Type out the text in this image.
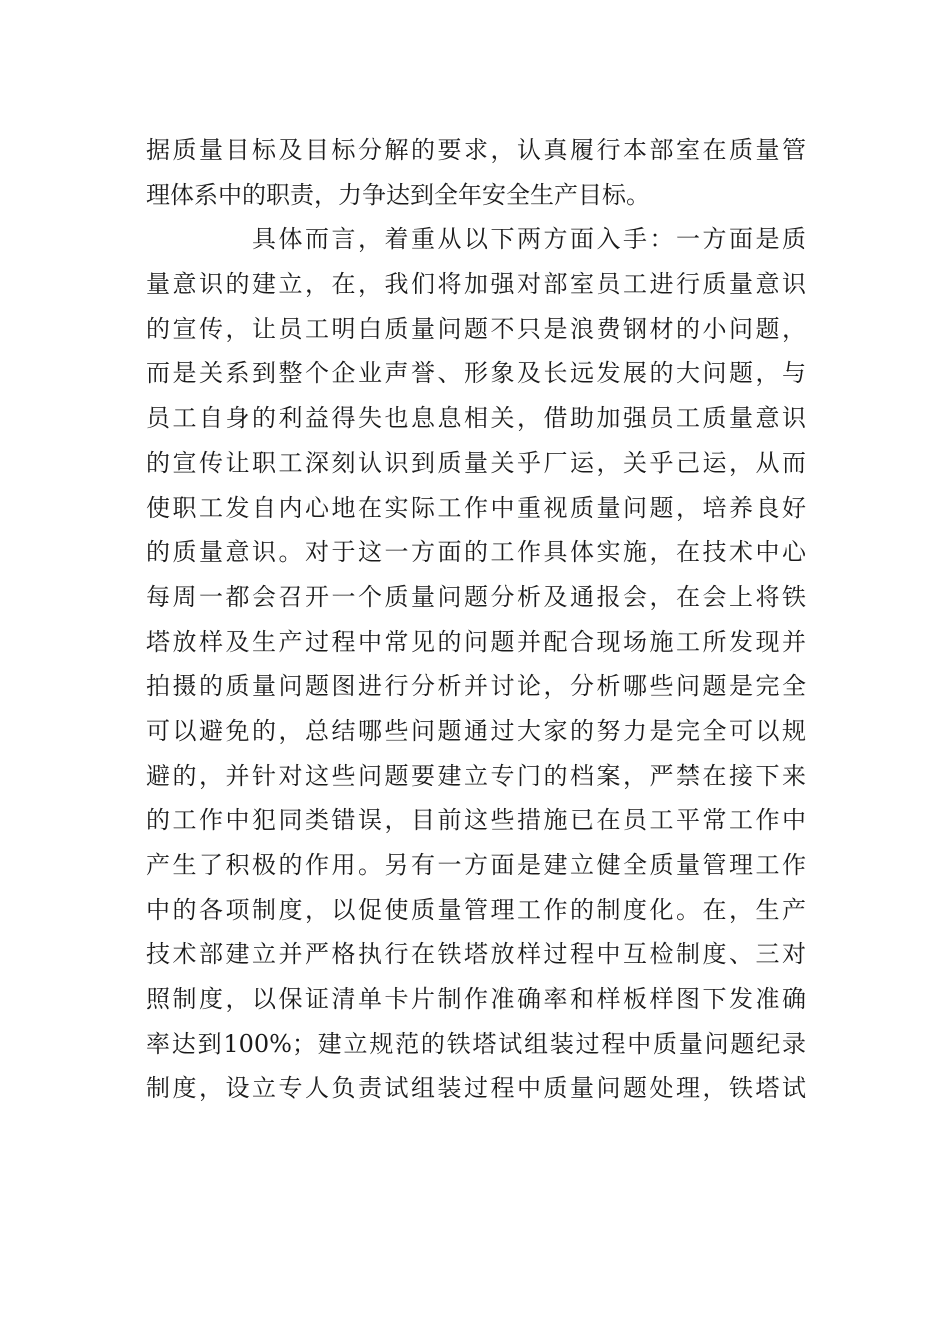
据质量目标及目标分解的要求，认真履行本部室在质量管
理体系中的职责，力争达到全年安全生产目标。
具体而言，着重从以下两方面入手：一方面是质
量意识的建立，在，我们将加强对部室员工进行质量意识
的宣传，让员工明白质量问题不只是浪费钢材的小问题，
而是关系到整个企业声誉、形象及长远发展的大问题，与
员工自身的利益得失也息息相关，借助加强员工质量意识
的宣传让职工深刻认识到质量关乎厂运，关乎己运，从而
使职工发自内心地在实际工作中重视质量问题，培养良好
的质量意识。对于这一方面的工作具体实施，在技术中心
每周一都会召开一个质量问题分析及通报会，在会上将铁
塔放样及生产过程中常见的问题并配合现场施工所发现并
拍摄的质量问题图进行分析并讨论，分析哪些问题是完全
可以避免的，总结哪些问题通过大家的努力是完全可以规
避的，并针对这些问题要建立专门的档案，严禁在接下来
的工作中犯同类错误，目前这些措施已在员工平常工作中
产生了积极的作用。另有一方面是建立健全质量管理工作
中的各项制度，以促使质量管理工作的制度化。在，生产
技术部建立并严格执行在铁塔放样过程中互检制度、三对
照制度，以保证清单卡片制作准确率和样板样图下发准确
率达到100%；建立规范的铁塔试组装过程中质量问题纪录
制度，设立专人负责试组装过程中质量问题处理，铁塔试
